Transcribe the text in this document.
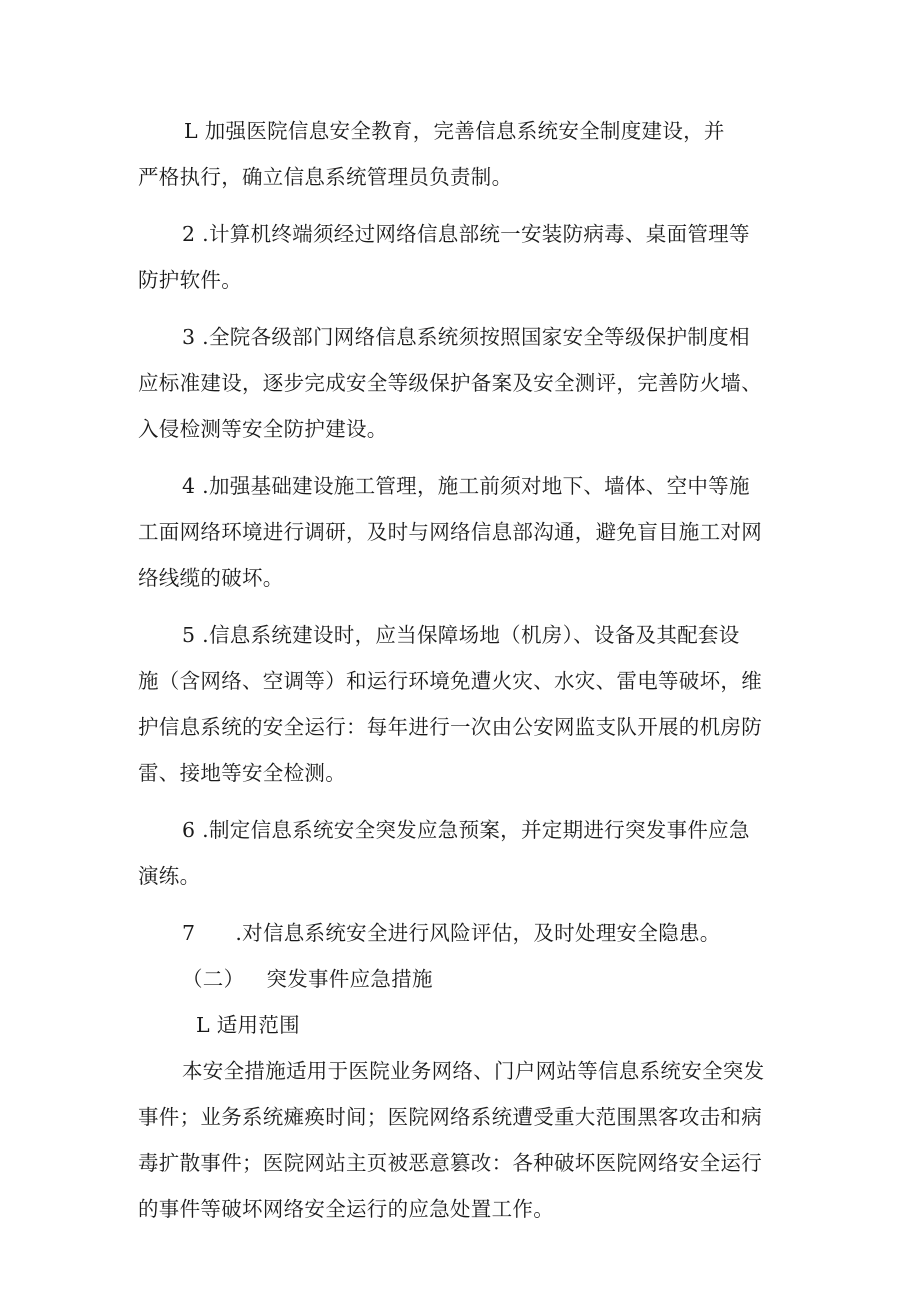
L 加强医院信息安全教育，完善信息系统安全制度建设，并
严格执行，确立信息系统管理员负责制。

2 .计算机终端须经过网络信息部统一安装防病毒、桌面管理等
防护软件。

3 .全院各级部门网络信息系统须按照国家安全等级保护制度相
应标准建设，逐步完成安全等级保护备案及安全测评，完善防火墙、
入侵检测等安全防护建设。

4 .加强基础建设施工管理，施工前须对地下、墙体、空中等施
工面网络环境进行调研，及时与网络信息部沟通，避免盲目施工对网
络线缆的破坏。

5 .信息系统建设时，应当保障场地（机房）、设备及其配套设
施（含网络、空调等）和运行环境免遭火灾、水灾、雷电等破坏，维
护信息系统的安全运行：每年进行一次由公安网监支队开展的机房防
雷、接地等安全检测。

6 .制定信息系统安全突发应急预案，并定期进行突发事件应急
演练。

7 .对信息系统安全进行风险评估，及时处理安全隐患。

（二） 突发事件应急措施

L 适用范围

本安全措施适用于医院业务网络、门户网站等信息系统安全突发
事件；业务系统瘫痪时间；医院网络系统遭受重大范围黑客攻击和病
毒扩散事件；医院网站主页被恶意篡改：各种破坏医院网络安全运行
的事件等破坏网络安全运行的应急处置工作。
